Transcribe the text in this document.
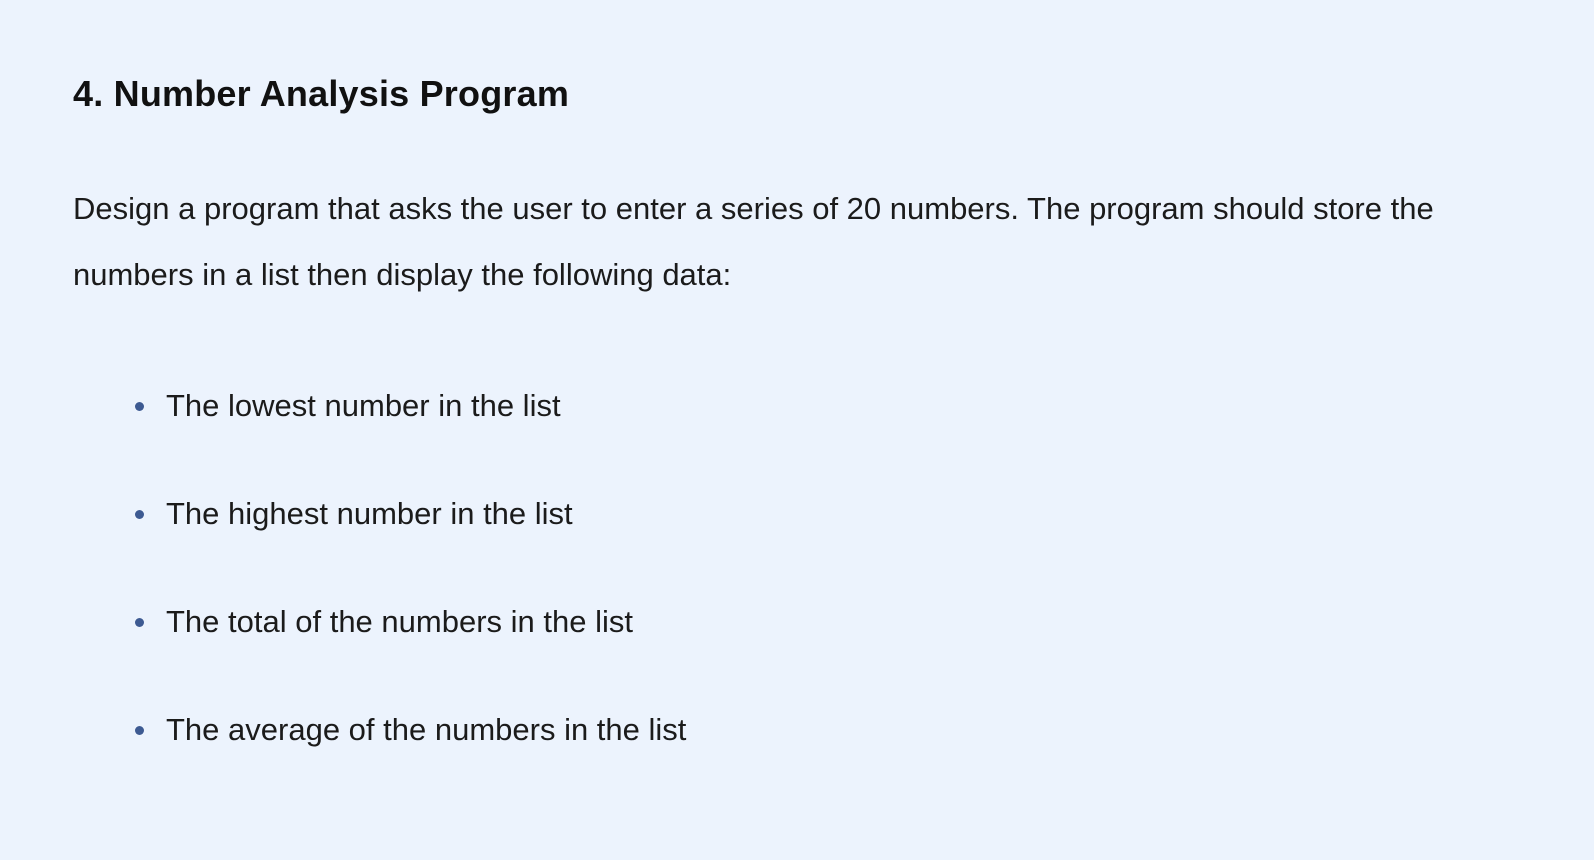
4. Number Analysis Program

Design a program that asks the user to enter a series of 20 numbers. The program should store the numbers in a list then display the following data:

The lowest number in the list
The highest number in the list
The total of the numbers in the list
The average of the numbers in the list
